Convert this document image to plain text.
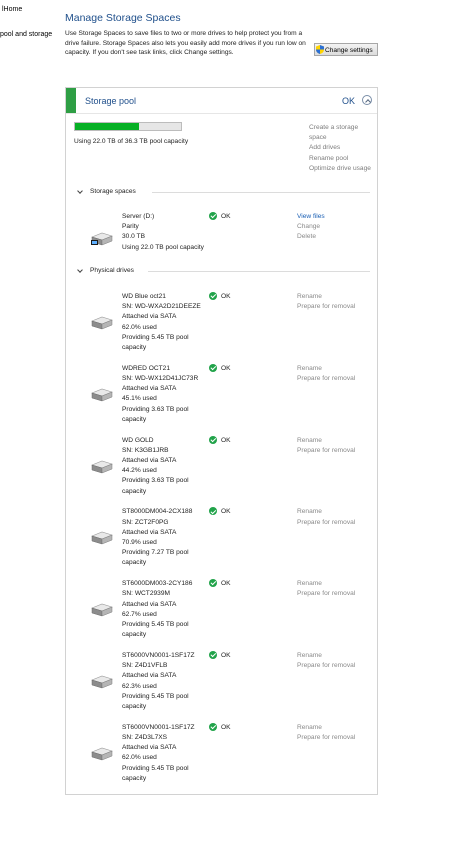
lHome
pool and storage
Manage Storage Spaces
Use Storage Spaces to save files to two or more drives to help protect you from a drive failure. Storage Spaces also lets you easily add more drives if you run low on capacity. If you don't see task links, click Change settings.	Change settings
Storage pool	OK
Using 22.0 TB of 36.3 TB pool capacity
Create a storage
space
Add drives
Rename pool
Optimize drive usage
Storage spaces
Server (D:)
Parity
30.0 TB
Using 22.0 TB pool capacity
OK	View files
Change
Delete
Physical drives
WD Blue oct21
SN: WD-WXA2D21DEEZE
Attached via SATA
62.0% used
Providing 5.45 TB pool capacity
OK	Rename
Prepare for removal
WDRED OCT21
SN: WD-WX12D41JC73R
Attached via SATA
45.1% used
Providing 3.63 TB pool capacity
OK	Rename
Prepare for removal
WD GOLD
SN: K3GB1JRB
Attached via SATA
44.2% used
Providing 3.63 TB pool capacity
OK	Rename
Prepare for removal
ST8000DM004-2CX188
SN: ZCT2F0PG
Attached via SATA
70.9% used
Providing 7.27 TB pool capacity
OK	Rename
Prepare for removal
ST6000DM003-2CY186
SN: WCT2939M
Attached via SATA
62.7% used
Providing 5.45 TB pool capacity
OK	Rename
Prepare for removal
ST6000VN0001-1SF17Z
SN: Z4D1VFLB
Attached via SATA
62.3% used
Providing 5.45 TB pool capacity
OK	Rename
Prepare for removal
ST6000VN0001-1SF17Z
SN: Z4D3L7XS
Attached via SATA
62.0% used
Providing 5.45 TB pool capacity
OK	Rename
Prepare for removal
